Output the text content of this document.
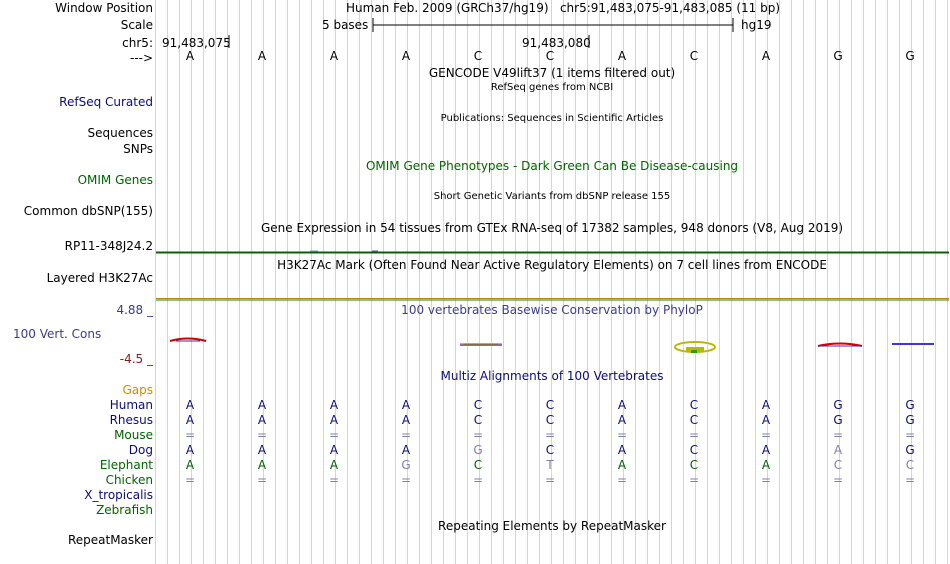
Window Position	Human Feb. 2009 (GRCh37/hg19)   chr5:91,483,075-91,483,085 (11 bp)
Scale	5 bases	hg19
chr5: 91,483,075	91,483,080
--->	A	A	A	A	C	C	A	C	A	G	G
GENCODE V49lift37 (1 items filtered out)
RefSeq genes from NCBI
RefSeq Curated
Publications: Sequences in Scientific Articles
Sequences
SNPs
OMIM Gene Phenotypes - Dark Green Can Be Disease-causing
OMIM Genes
Short Genetic Variants from dbSNP release 155
Common dbSNP(155)
Gene Expression in 54 tissues from GTEx RNA-seq of 17382 samples, 948 donors (V8, Aug 2019)
RP11-348J24.2
H3K27Ac Mark (Often Found Near Active Regulatory Elements) on 7 cell lines from ENCODE
Layered H3K27Ac
4.88 _	100 vertebrates Basewise Conservation by PhyloP
100 Vert. Cons
-4.5 _
Gaps
Multiz Alignments of 100 Vertebrates
Human	A	A	A	A	C	C	A	C	A	G	G
Rhesus	A	A	A	A	C	C	A	C	A	G	G
Mouse	=	=	=	=	=	=	=	=	=	=	=
Dog	A	A	A	A	G	C	A	C	A	A	G
Elephant	A	A	A	G	C	T	A	C	A	C	C
Chicken	=	=	=	=	=	=	=	=	=	=	=
X_tropicalis
Zebrafish
Repeating Elements by RepeatMasker
RepeatMasker
